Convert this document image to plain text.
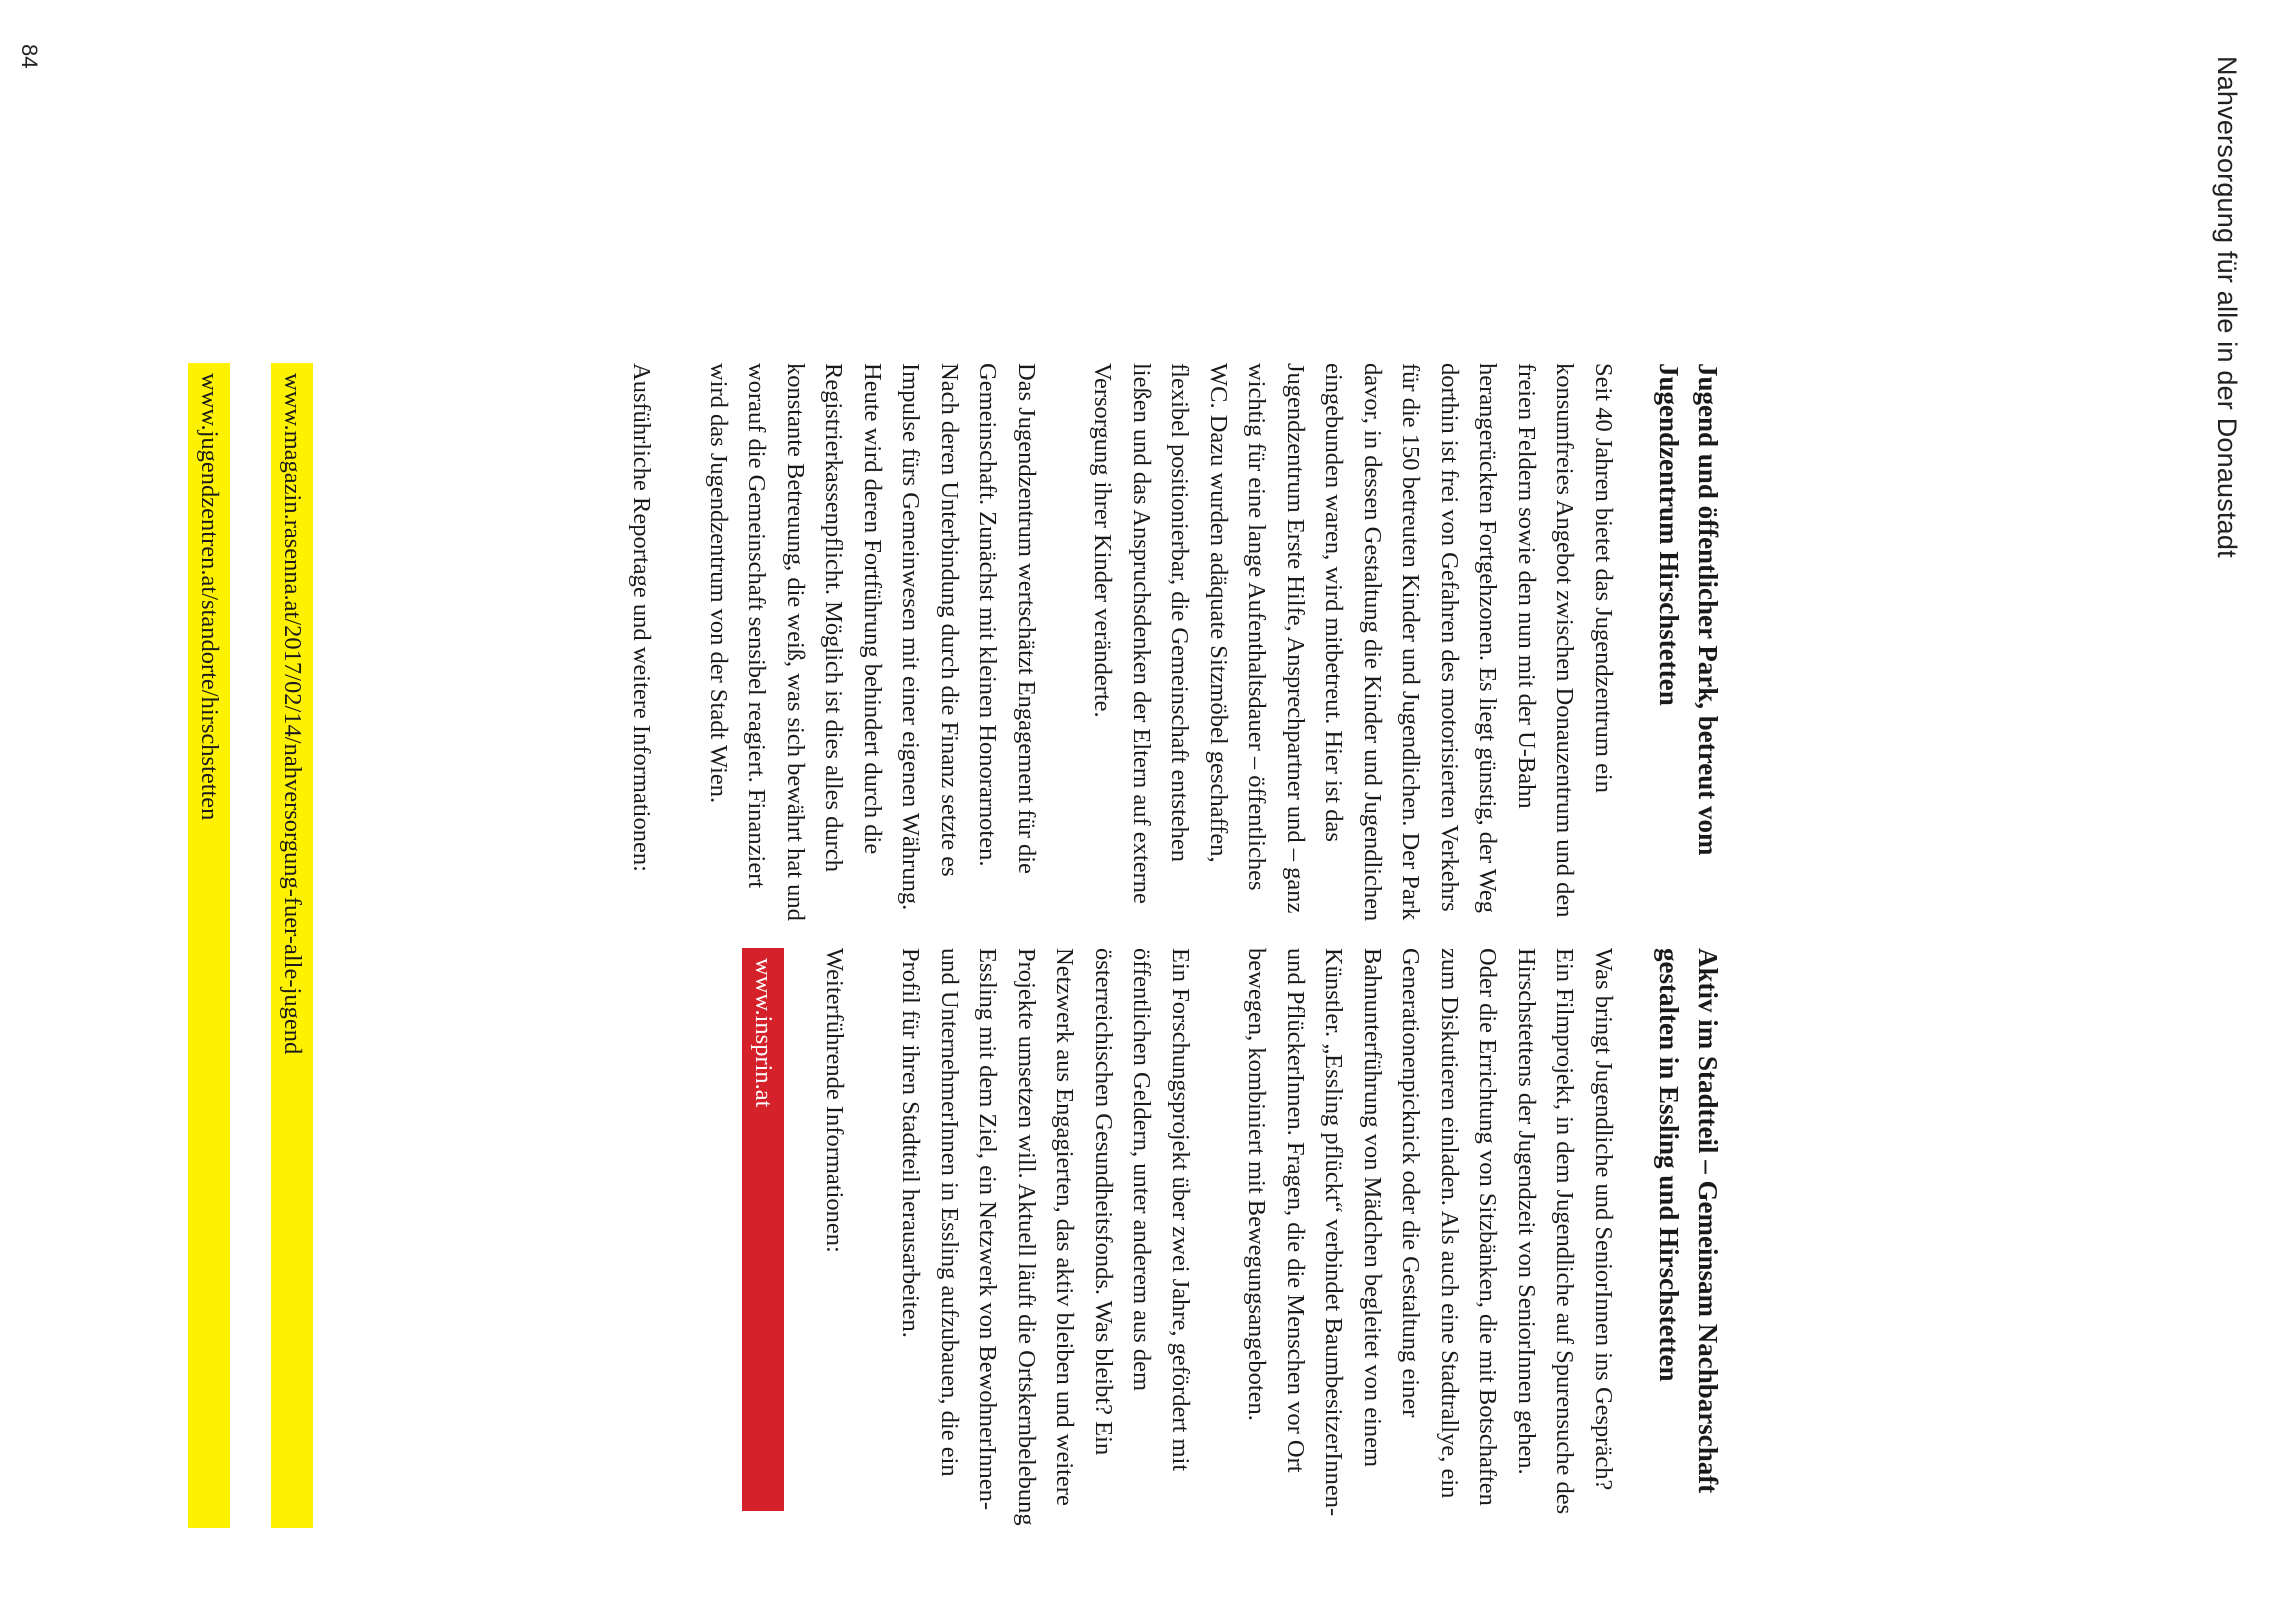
Nahversorgung für alle in der Donaustadt
Jugend und öffentlicher Park, betreut vom Jugendzentrum Hirschstetten

Seit 40 Jahren bietet das Jugendzentrum ein konsumfreies Angebot zwischen Donauzentrum und den freien Feldern sowie den nun mit der U-Bahn herangerückten Fortgehzonen. Es liegt günstig, der Weg dorthin ist frei von Gefahren des motorisierten Verkehrs für die 150 betreuten Kinder und Jugendlichen. Der Park davor, in dessen Gestaltung die Kinder und Jugendlichen eingebunden waren, wird mitbetreut. Hier ist das Jugendzentrum Erste Hilfe, Ansprechpartner und – ganz wichtig für eine lange Aufenthaltsdauer – öffentliches WC. Dazu wurden adäquate Sitzmöbel geschaffen, flexibel positionierbar, die Gemeinschaft entstehen ließen und das Anspruchsdenken der Eltern auf externe Versorgung ihrer Kinder veränderte.

Das Jugendzentrum wertschätzt Engagement für die Gemeinschaft. Zunächst mit kleinen Honorarnoten. Nach deren Unterbindung durch die Finanz setzte es Impulse fürs Gemeinwesen mit einer eigenen Währung. Heute wird deren Fortführung behindert durch die Registrierkassenpflicht. Möglich ist dies alles durch konstante Betreuung, die weiß, was sich bewährt hat und worauf die Gemeinschaft sensibel reagiert. Finanziert wird das Jugendzentrum von der Stadt Wien.

Ausführliche Reportage und weitere Informationen:
Aktiv im Stadtteil – Gemeinsam Nachbarschaft gestalten in Essling und Hirschstetten

Was bringt Jugendliche und SeniorInnen ins Gespräch? Ein Filmprojekt, in dem Jugendliche auf Spurensuche des Hirschstettens der Jugendzeit von SeniorInnen gehen. Oder die Errichtung von Sitzbänken, die mit Botschaften zum Diskutieren einladen. Als auch eine Stadtrallye, ein Generationenpicknick oder die Gestaltung einer Bahnunterführung von Mädchen begleitet von einem Künstler. „Essling pflückt“ verbindet BaumbesitzerInnen- und PflückerInnen. Fragen, die die Menschen vor Ort bewegen, kombiniert mit Bewegungsangeboten.

Ein Forschungsprojekt über zwei Jahre, gefördert mit öffentlichen Geldern, unter anderem aus dem österreichischen Gesundheitsfonds. Was bleibt? Ein Netzwerk aus Engagierten, das aktiv bleiben und weitere Projekte umsetzen will. Aktuell läuft die Ortskernbelebung Essling mit dem Ziel, ein Netzwerk von BewohnerInnen- und UnternehmerInnen in Essling aufzubauen, die ein Profil für ihren Stadtteil herausarbeiten.

Weiterführende Informationen:
www.insprin.at
www.magazin.rasenna.at/2017/02/14/nahversorgung-fuer-alle-jugend
www.jugendzentren.at/standorte/hirschstetten
84
